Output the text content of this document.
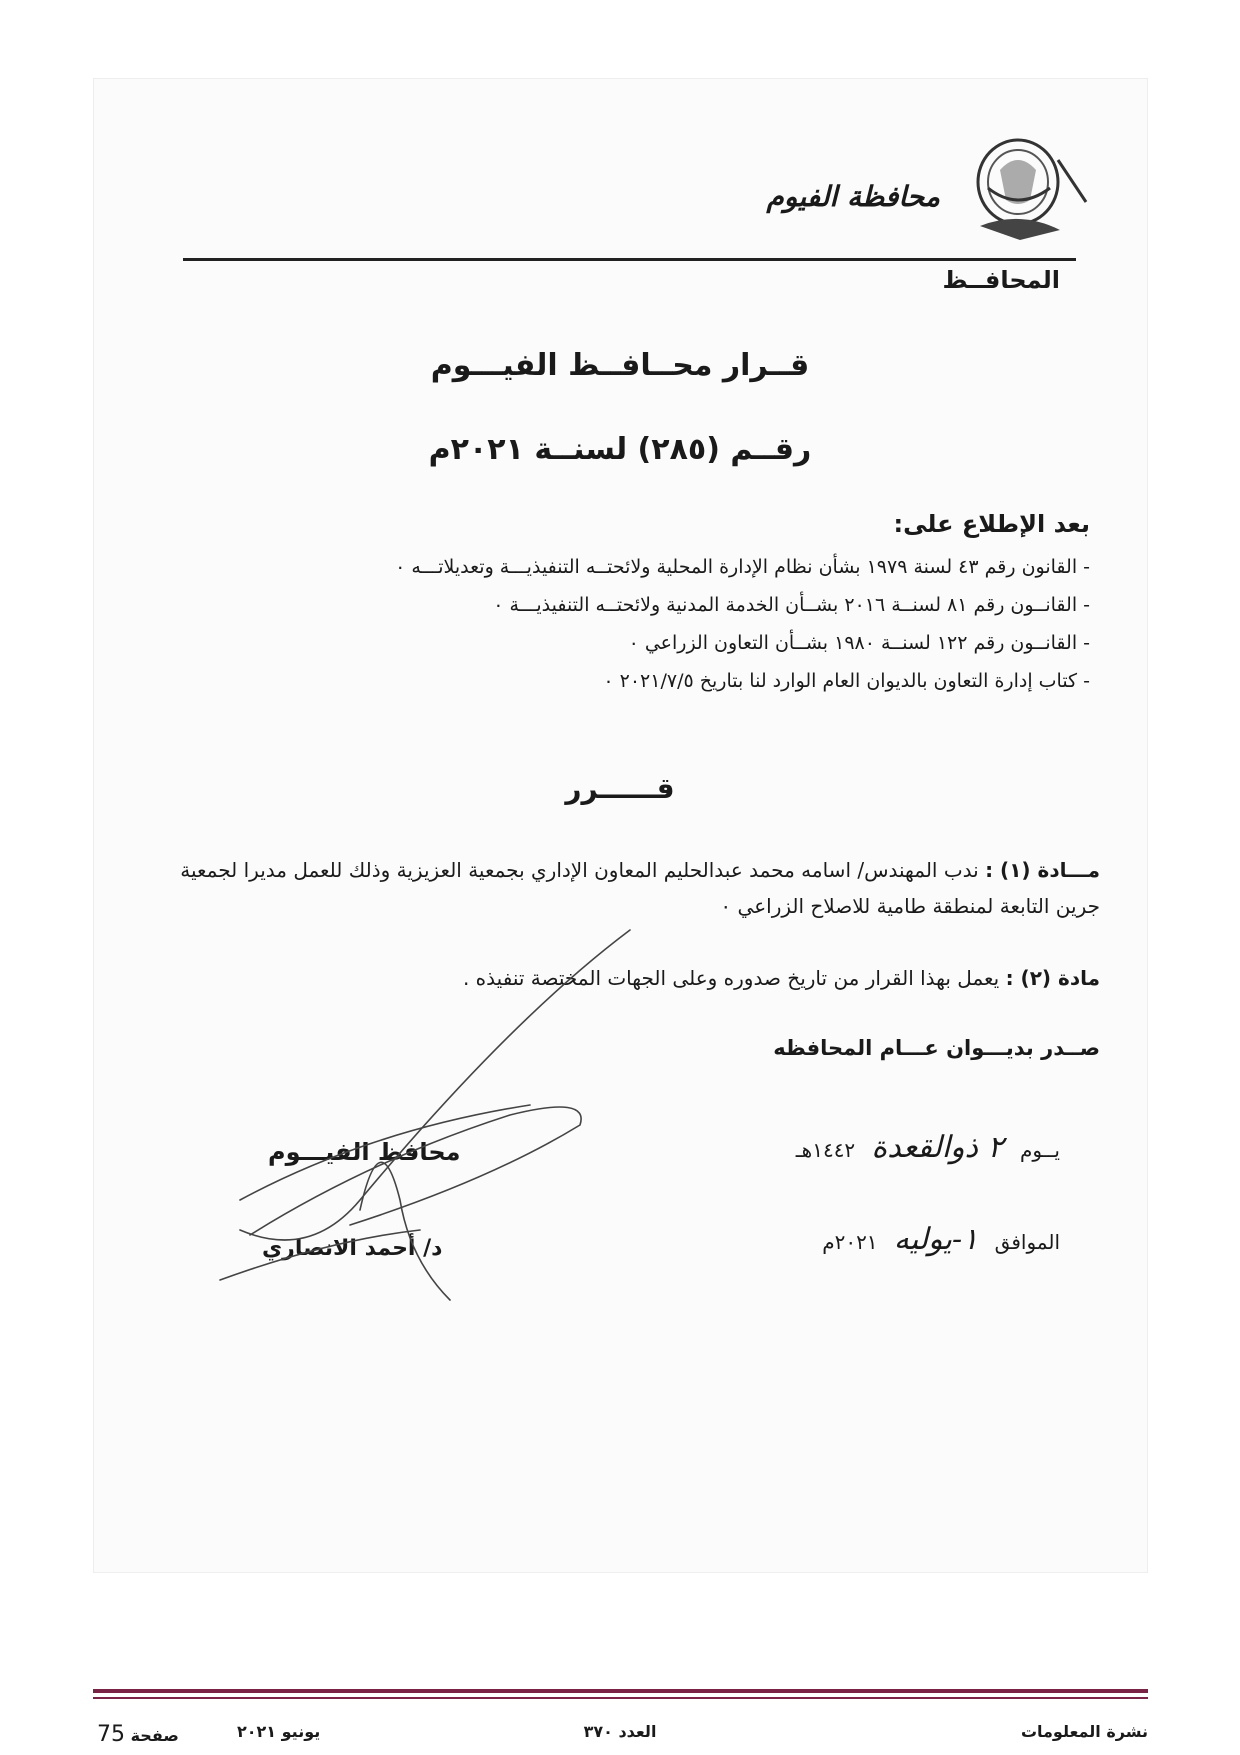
محافظة الفيوم
المحافــظ
قــرار محــافــظ الفيـــوم
رقــم (٢٨٥) لسنــة ٢٠٢١م
بعد الإطلاع على:
- القانون رقم ٤٣ لسنة ١٩٧٩ بشأن نظام الإدارة المحلية ولائحتــه التنفيذيـــة وتعديلاتـــه ٠
- القانــون رقم ٨١ لسنــة ٢٠١٦ بشــأن الخدمة المدنية ولائحتــه التنفيذيـــة ٠
- القانــون رقم ١٢٢ لسنــة ١٩٨٠ بشــأن التعاون الزراعي ٠
- كتاب إدارة التعاون بالديوان العام الوارد لنا بتاريخ ٢٠٢١/٧/٥ ٠
قــــــرر
مـــادة (١) : ندب المهندس/ اسامه محمد عبدالحليم المعاون الإداري بجمعية العزيزية وذلك للعمل مديرا لجمعية جرين التابعة لمنطقة طامية للاصلاح الزراعي ٠
مادة (٢) : يعمل بهذا القرار من تاريخ صدوره وعلى الجهات المختصة تنفيذه .
صــدر بديـــوان عـــام المحافظه
يــوم ٢ ذوالقعدة ١٤٤٢هـ
الموافق ١-يوليه ٢٠٢١م
محافظ الفيـــوم
د/ أحمد الانصاري
نشرة المعلومات
العدد ٣٧٠
يونيو ٢٠٢١
صفحة 75
